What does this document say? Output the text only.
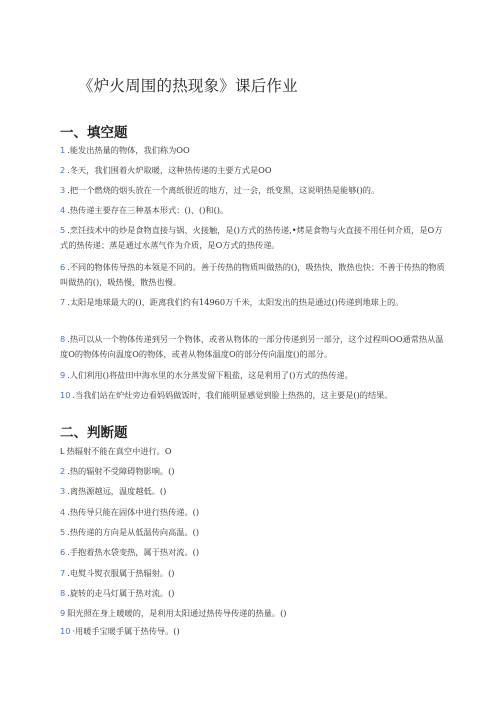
《炉火周围的热现象》课后作业
一、填空题
1 .能发出热量的物体，我们称为OO
2 .冬天，我们围着火炉取暖，这种热传递的主要方式是OO
3 .把一个燃烧的烟头放在一个离纸很近的地方，过一会，纸变黑，这说明热是能够()的。
4 .热传递主要存在三种基本形式：()、()和()。
5 .烹饪技术中的炒是食物直接与锅、火接触，是()方式的热传递,•烤是食物与火直接不用任何介质，是O方式的热传递；蒸是通过水蒸气作为介质，是O方式的热传递。
6 .不同的物体传导热的本领是不同的。善于传热的物质叫做热的()，吸热快，散热也快；不善于传热的物质叫做热的()，吸热慢，散热也慢。
7 .太阳是地球最大的()，距离我们约有14960万千米，太阳发出的热是通过()传递到地球上的。
8 .热可以从一个物体传递到另一个物体，或者从物体的一部分传递到另一部分，这个过程叫OO通常热从温度O的物体传向温度O的物体，或者从物体温度O的部分传向温度()的部分。
9 .人们利用()将盐田中海水里的水分蒸发留下粗盐，这是利用了()方式的热传递。
10 .当我们站在炉灶旁边看妈妈做饭时，我们能明显感觉到脸上热热的，这主要是()的结果。
二、判断题
L 热辐射不能在真空中进行。O
2 .热的辐射不受障碍物影响。()
3 .离热源越远，温度越低。()
4 .热传导只能在固体中进行热传递。()
5 .热传递的方向是从低温传向高温。()
6 .手抱着热水袋变热，属于热对流。()
7 .电熨斗熨衣服属于热辐射。()
8 .旋转的走马灯属于热对流。()
9 阳光照在身上暖暖的，是利用太阳通过热传导传递的热量。()
10 ·用暖手宝暖手属于热传导。()
